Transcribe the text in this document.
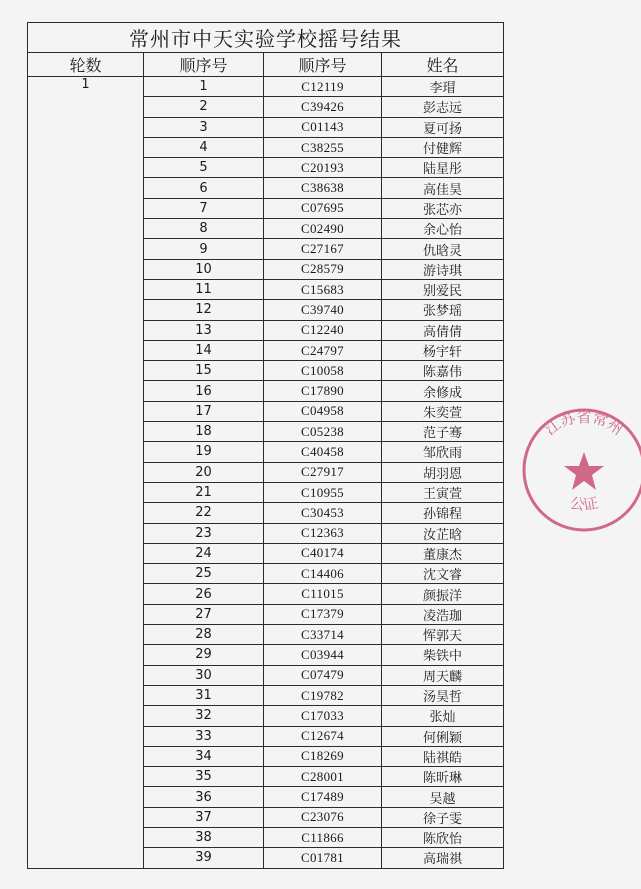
常州市中天实验学校摇号结果			
轮数	顺序号	顺序号	姓名
1	1	C12119	李瑁
	2	C39426	彭志远
	3	C01143	夏可扬
	4	C38255	付健辉
	5	C20193	陆星彤
	6	C38638	高佳昊
	7	C07695	张芯亦
	8	C02490	余心怡
	9	C27167	仇晗灵
	10	C28579	游诗琪
	11	C15683	别爱民
	12	C39740	张梦瑶
	13	C12240	高倩倩
	14	C24797	杨宇轩
	15	C10058	陈嘉伟
	16	C17890	余修成
	17	C04958	朱奕萱
	18	C05238	范子骞
	19	C40458	邹欣雨
	20	C27917	胡羽恩
	21	C10955	王寅萱
	22	C30453	孙锦程
	23	C12363	汝芷晗
	24	C40174	董康杰
	25	C14406	沈文睿
	26	C11015	颜振洋
	27	C17379	凌浩珈
	28	C33714	恽郭天
	29	C03944	柴铁中
	30	C07479	周天麟
	31	C19782	汤昊哲
	32	C17033	张灿
	33	C12674	何俐颖
	34	C18269	陆祺皓
	35	C28001	陈昕琳
	36	C17489	吴越
	37	C23076	徐子雯
	38	C11866	陈欣怡
	39	C01781	高瑞祺
江苏省常州
公证
